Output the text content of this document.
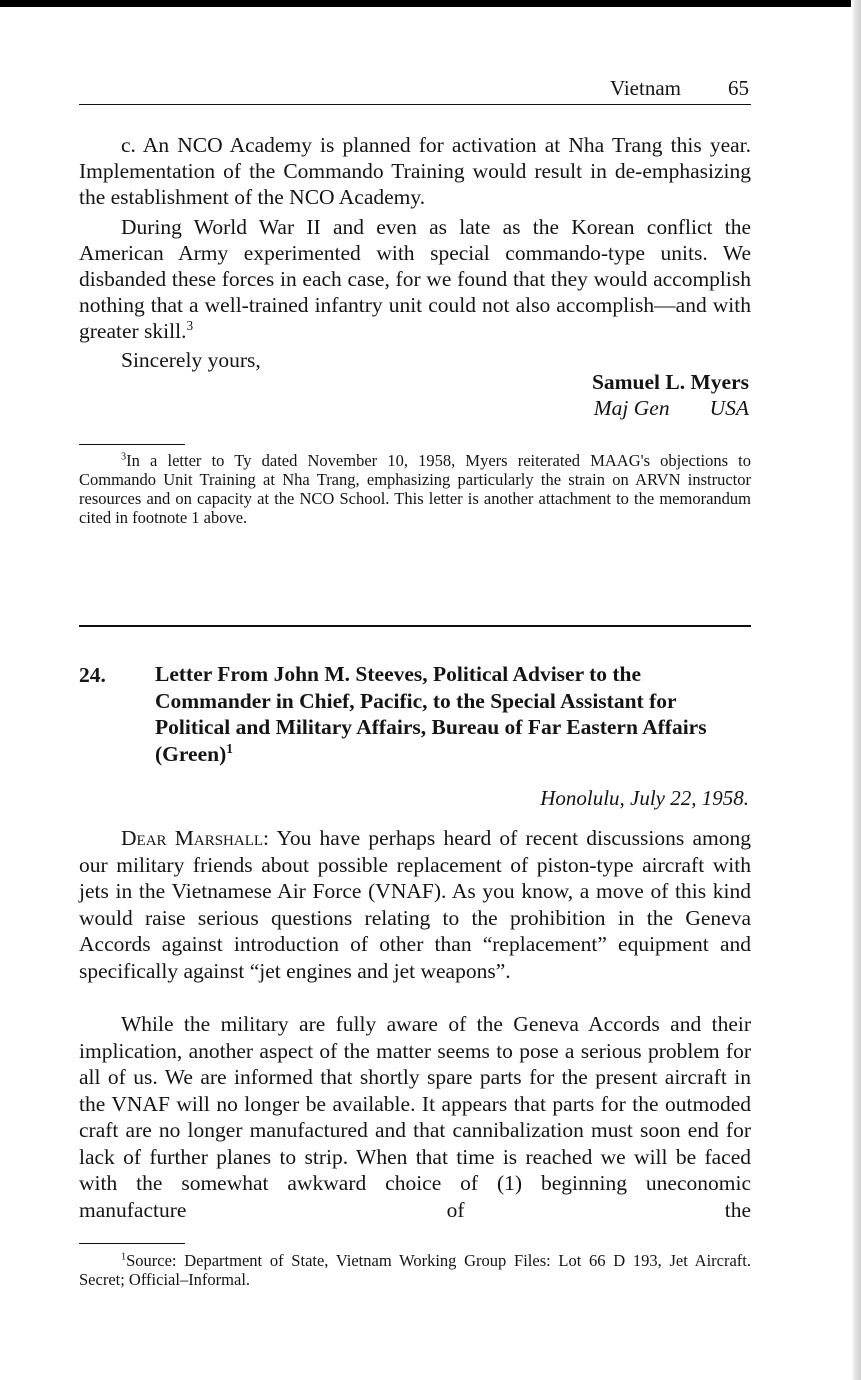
Vietnam 65

c. An NCO Academy is planned for activation at Nha Trang this year. Implementation of the Commando Training would result in de-emphasizing the establishment of the NCO Academy.

During World War II and even as late as the Korean conflict the American Army experimented with special commando-type units. We disbanded these forces in each case, for we found that they would accomplish nothing that a well-trained infantry unit could not also accomplish—and with greater skill.$^3$

Sincerely yours,
Samuel L. Myers
Maj Gen USA

$^3$In a letter to Ty dated November 10, 1958, Myers reiterated MAAG's objections to Commando Unit Training at Nha Trang, emphasizing particularly the strain on ARVN instructor resources and on capacity at the NCO School. This letter is another attachment to the memorandum cited in footnote 1 above.

24. Letter From John M. Steeves, Political Adviser to the Commander in Chief, Pacific, to the Special Assistant for Political and Military Affairs, Bureau of Far Eastern Affairs (Green)$^1$
Honolulu, July 22, 1958.

Dear Marshall: You have perhaps heard of recent discussions among our military friends about possible replacement of piston-type aircraft with jets in the Vietnamese Air Force (VNAF). As you know, a move of this kind would raise serious questions relating to the prohibition in the Geneva Accords against introduction of other than “replacement” equipment and specifically against “jet engines and jet weapons”.

While the military are fully aware of the Geneva Accords and their implication, another aspect of the matter seems to pose a serious problem for all of us. We are informed that shortly spare parts for the present aircraft in the VNAF will no longer be available. It appears that parts for the outmoded craft are no longer manufactured and that cannibalization must soon end for lack of further planes to strip. When that time is reached we will be faced with the somewhat awkward choice of (1) beginning uneconomic manufacture of the

$^1$Source: Department of State, Vietnam Working Group Files: Lot 66 D 193, Jet Aircraft. Secret; Official–Informal.
